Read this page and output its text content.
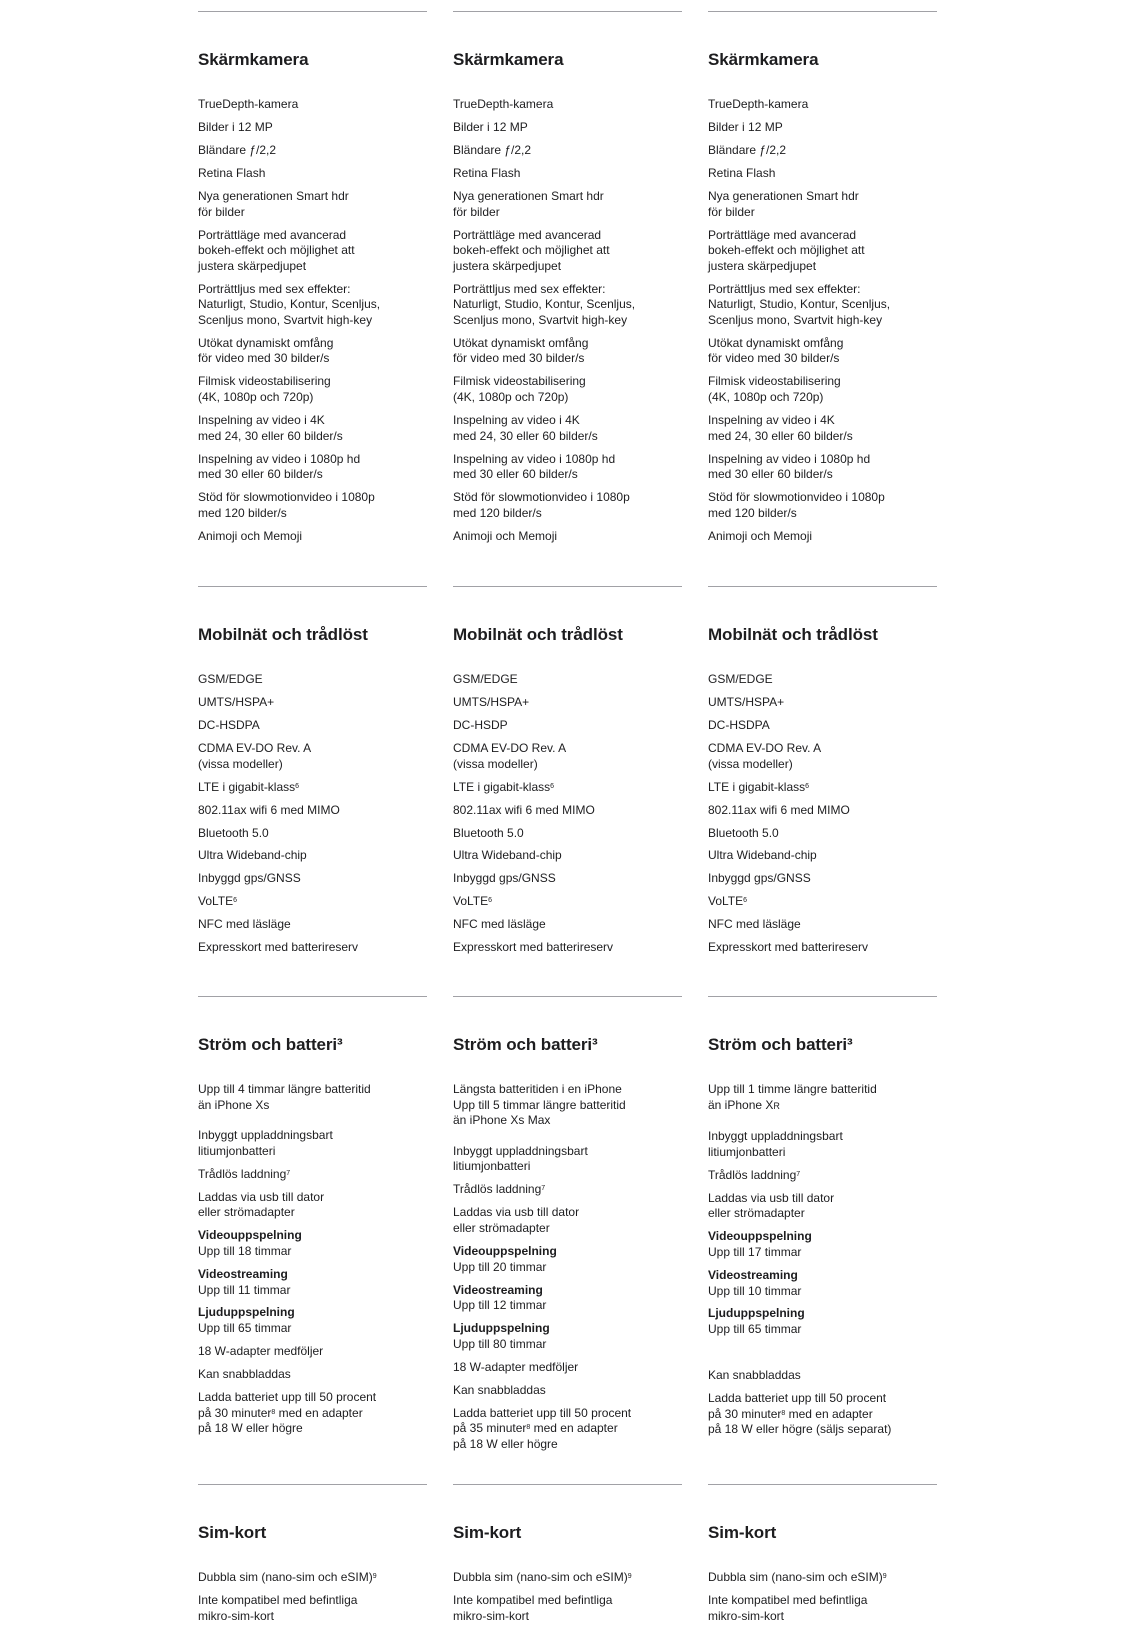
Skärmkamera
TrueDepth-kamera
Bilder i 12 MP
Bländare ƒ/2,2
Retina Flash
Nya generationen Smart hdr
för bilder
Porträttläge med avancerad
bokeh-effekt och möjlighet att
justera skärpedjupet
Porträttljus med sex effekter:
Naturligt, Studio, Kontur, Scenljus,
Scenljus mono, Svartvit high-key
Utökat dynamiskt omfång
för video med 30 bilder/s
Filmisk videostabilisering
(4K, 1080p och 720p)
Inspelning av video i 4K
med 24, 30 eller 60 bilder/s
Inspelning av video i 1080p hd
med 30 eller 60 bilder/s
Stöd för slowmotionvideo i 1080p
med 120 bilder/s
Animoji och Memoji
Skärmkamera
TrueDepth-kamera
Bilder i 12 MP
Bländare ƒ/2,2
Retina Flash
Nya generationen Smart hdr
för bilder
Porträttläge med avancerad
bokeh-effekt och möjlighet att
justera skärpedjupet
Porträttljus med sex effekter:
Naturligt, Studio, Kontur, Scenljus,
Scenljus mono, Svartvit high-key
Utökat dynamiskt omfång
för video med 30 bilder/s
Filmisk videostabilisering
(4K, 1080p och 720p)
Inspelning av video i 4K
med 24, 30 eller 60 bilder/s
Inspelning av video i 1080p hd
med 30 eller 60 bilder/s
Stöd för slowmotionvideo i 1080p
med 120 bilder/s
Animoji och Memoji
Skärmkamera
TrueDepth-kamera
Bilder i 12 MP
Bländare ƒ/2,2
Retina Flash
Nya generationen Smart hdr
för bilder
Porträttläge med avancerad
bokeh-effekt och möjlighet att
justera skärpedjupet
Porträttljus med sex effekter:
Naturligt, Studio, Kontur, Scenljus,
Scenljus mono, Svartvit high-key
Utökat dynamiskt omfång
för video med 30 bilder/s
Filmisk videostabilisering
(4K, 1080p och 720p)
Inspelning av video i 4K
med 24, 30 eller 60 bilder/s
Inspelning av video i 1080p hd
med 30 eller 60 bilder/s
Stöd för slowmotionvideo i 1080p
med 120 bilder/s
Animoji och Memoji
Mobilnät och trådlöst
GSM/EDGE
UMTS/HSPA+
DC-HSDPA
CDMA EV-DO Rev. A
(vissa modeller)
LTE i gigabit-klass$^6$
802.11ax wifi 6 med MIMO
Bluetooth 5.0
Ultra Wideband-chip
Inbyggd gps/GNSS
VoLTE$^6$
NFC med läsläge
Expresskort med batterireserv
Mobilnät och trådlöst
GSM/EDGE
UMTS/HSPA+
DC-HSDP
CDMA EV-DO Rev. A
(vissa modeller)
LTE i gigabit-klass$^6$
802.11ax wifi 6 med MIMO
Bluetooth 5.0
Ultra Wideband-chip
Inbyggd gps/GNSS
VoLTE$^6$
NFC med läsläge
Expresskort med batterireserv
Mobilnät och trådlöst
GSM/EDGE
UMTS/HSPA+
DC-HSDPA
CDMA EV-DO Rev. A
(vissa modeller)
LTE i gigabit-klass$^6$
802.11ax wifi 6 med MIMO
Bluetooth 5.0
Ultra Wideband-chip
Inbyggd gps/GNSS
VoLTE$^6$
NFC med läsläge
Expresskort med batterireserv
Ström och batteri³
Upp till 4 timmar längre batteritid
än iPhone Xs
Inbyggt uppladdningsbart
litiumjonbatteri
Trådlös laddning$^7$
Laddas via usb till dator
eller strömadapter
Videouppspelning
Upp till 18 timmar
Videostreaming
Upp till 11 timmar
Ljuduppspelning
Upp till 65 timmar
18 W-adapter medföljer
Kan snabbladdas
Ladda batteriet upp till 50 procent
på 30 minuter$^8$ med en adapter
på 18 W eller högre
Ström och batteri³
Längsta batteritiden i en iPhone
Upp till 5 timmar längre batteritid
än iPhone Xs Max
Inbyggt uppladdningsbart
litiumjonbatteri
Trådlös laddning$^7$
Laddas via usb till dator
eller strömadapter
Videouppspelning
Upp till 20 timmar
Videostreaming
Upp till 12 timmar
Ljuduppspelning
Upp till 80 timmar
18 W-adapter medföljer
Kan snabbladdas
Ladda batteriet upp till 50 procent
på 35 minuter$^8$ med en adapter
på 18 W eller högre
Ström och batteri³
Upp till 1 timme längre batteritid
än iPhone XR
Inbyggt uppladdningsbart
litiumjonbatteri
Trådlös laddning$^7$
Laddas via usb till dator
eller strömadapter
Videouppspelning
Upp till 17 timmar
Videostreaming
Upp till 10 timmar
Ljuduppspelning
Upp till 65 timmar
Kan snabbladdas
Ladda batteriet upp till 50 procent
på 30 minuter$^8$ med en adapter
på 18 W eller högre (säljs separat)
Sim-kort
Dubbla sim (nano-sim och eSIM)$^9$
Inte kompatibel med befintliga
mikro-sim-kort
Sim-kort
Dubbla sim (nano-sim och eSIM)$^9$
Inte kompatibel med befintliga
mikro-sim-kort
Sim-kort
Dubbla sim (nano-sim och eSIM)$^9$
Inte kompatibel med befintliga
mikro-sim-kort
